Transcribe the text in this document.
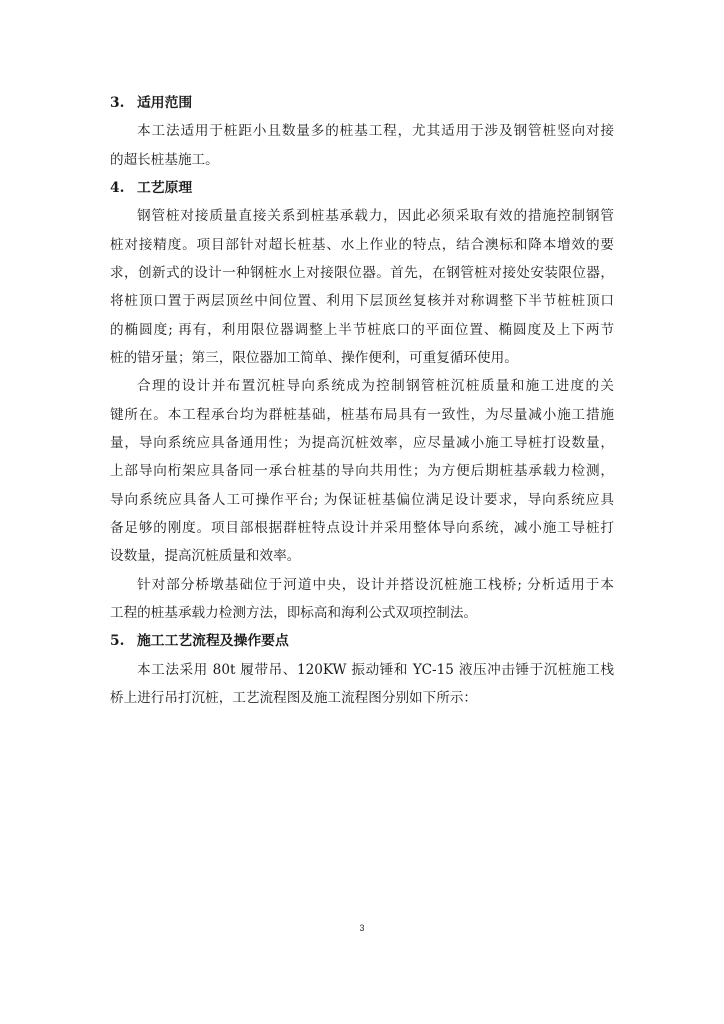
3. 适用范围
本工法适用于桩距小且数量多的桩基工程，尤其适用于涉及钢管桩竖向对接
的超长桩基施工。
4. 工艺原理
钢管桩对接质量直接关系到桩基承载力，因此必须采取有效的措施控制钢管
桩对接精度。项目部针对超长桩基、水上作业的特点，结合澳标和降本增效的要
求，创新式的设计一种钢桩水上对接限位器。首先，在钢管桩对接处安装限位器，
将桩顶口置于两层顶丝中间位置、利用下层顶丝复核并对称调整下半节桩桩顶口
的椭圆度; 再有，利用限位器调整上半节桩底口的平面位置、椭圆度及上下两节
桩的错牙量；第三，限位器加工简单、操作便利，可重复循环使用。
合理的设计并布置沉桩导向系统成为控制钢管桩沉桩质量和施工进度的关
键所在。本工程承台均为群桩基础，桩基布局具有一致性，为尽量减小施工措施
量，导向系统应具备通用性；为提高沉桩效率，应尽量减小施工导桩打设数量，
上部导向桁架应具备同一承台桩基的导向共用性；为方便后期桩基承载力检测，
导向系统应具备人工可操作平台; 为保证桩基偏位满足设计要求，导向系统应具
备足够的刚度。项目部根据群桩特点设计并采用整体导向系统，减小施工导桩打
设数量，提高沉桩质量和效率。
针对部分桥墩基础位于河道中央，设计并搭设沉桩施工栈桥; 分析适用于本
工程的桩基承载力检测方法，即标高和海利公式双项控制法。
5. 施工工艺流程及操作要点
本工法采用 80t 履带吊、120KW 振动锤和 YC-15 液压冲击锤于沉桩施工栈
桥上进行吊打沉桩，工艺流程图及施工流程图分别如下所示：
3
